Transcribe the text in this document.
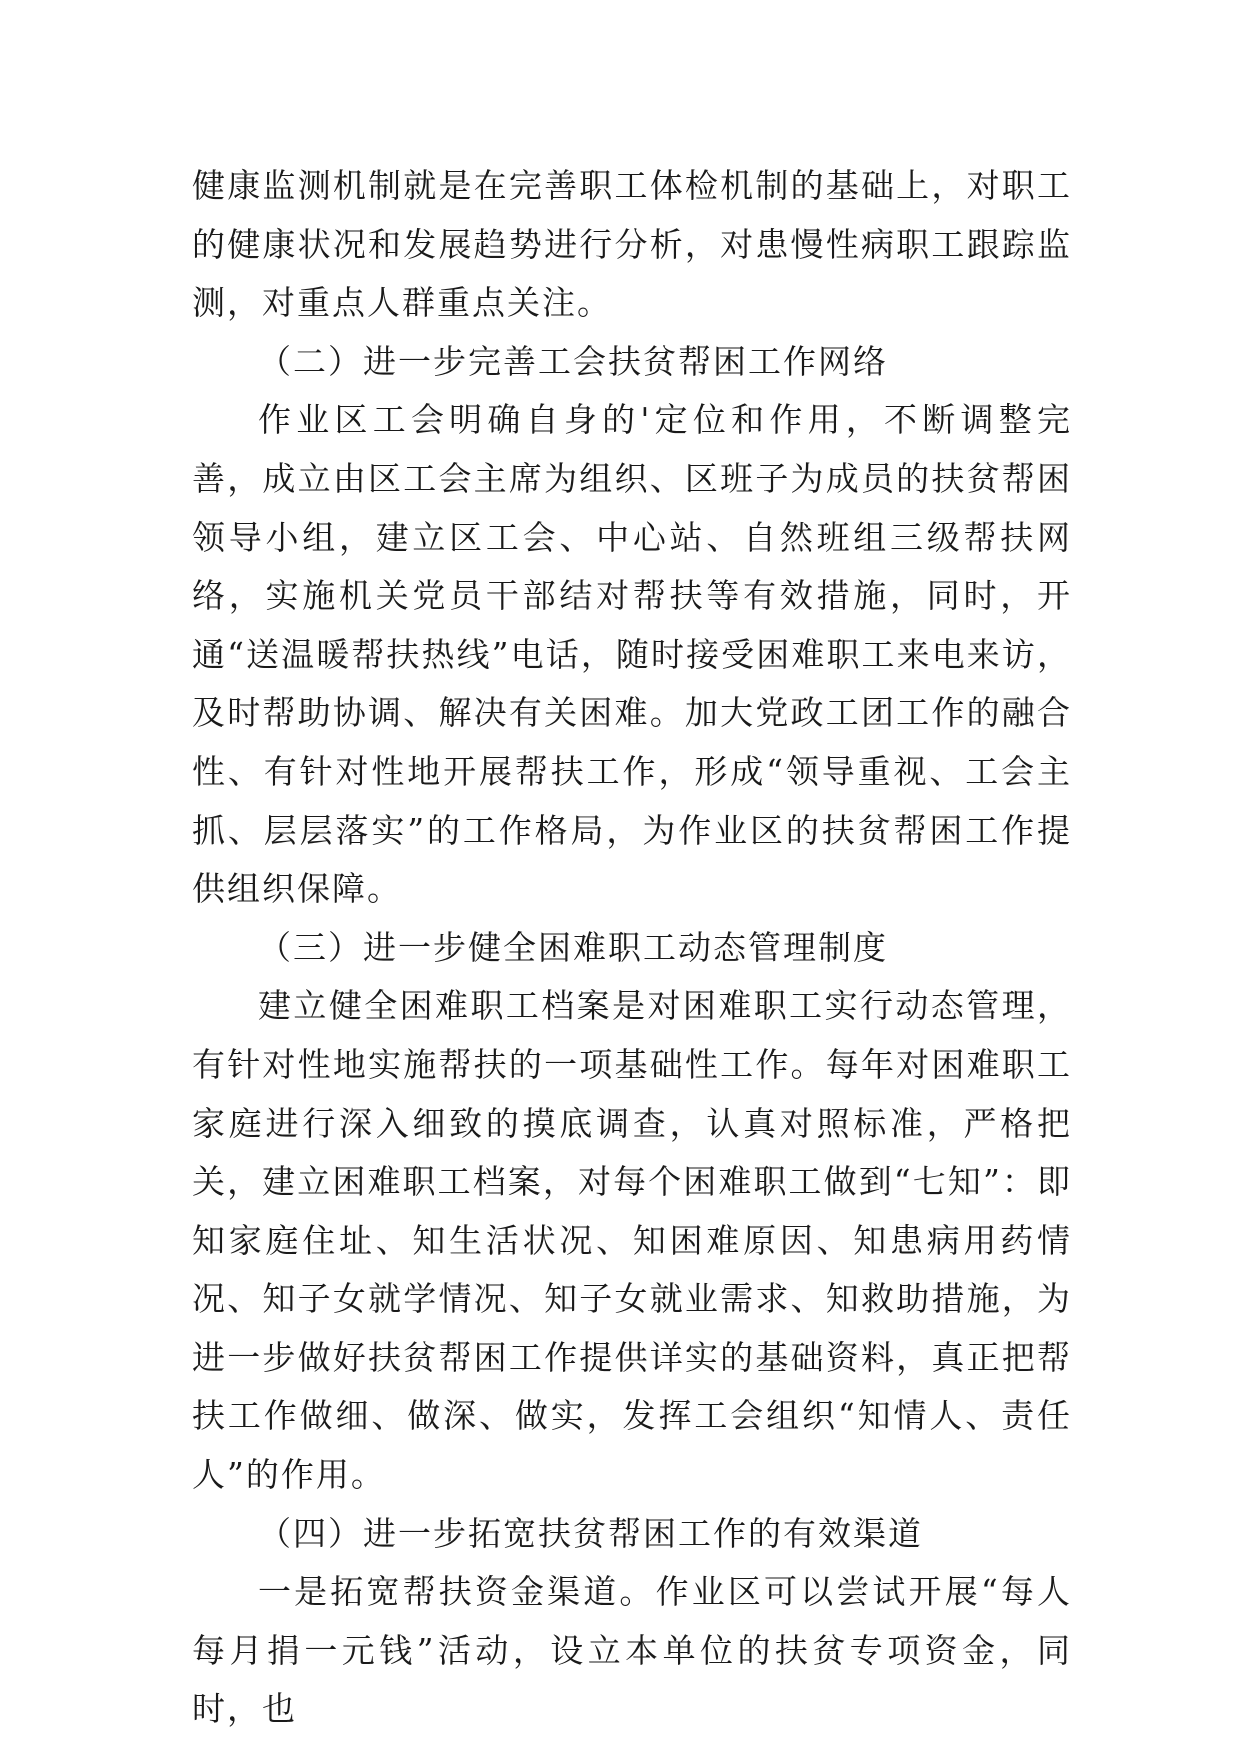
健康监测机制就是在完善职工体检机制的基础上，对职工的健康状况和发展趋势进行分析，对患慢性病职工跟踪监测，对重点人群重点关注。

（二）进一步完善工会扶贫帮困工作网络

作业区工会明确自身的'定位和作用，不断调整完善，成立由区工会主席为组织、区班子为成员的扶贫帮困领导小组，建立区工会、中心站、自然班组三级帮扶网络，实施机关党员干部结对帮扶等有效措施，同时，开通“送温暖帮扶热线”电话，随时接受困难职工来电来访，及时帮助协调、解决有关困难。加大党政工团工作的融合性、有针对性地开展帮扶工作，形成“领导重视、工会主抓、层层落实”的工作格局，为作业区的扶贫帮困工作提供组织保障。

（三）进一步健全困难职工动态管理制度

建立健全困难职工档案是对困难职工实行动态管理，有针对性地实施帮扶的一项基础性工作。每年对困难职工家庭进行深入细致的摸底调查，认真对照标准，严格把关，建立困难职工档案，对每个困难职工做到“七知”：即知家庭住址、知生活状况、知困难原因、知患病用药情况、知子女就学情况、知子女就业需求、知救助措施，为进一步做好扶贫帮困工作提供详实的基础资料，真正把帮扶工作做细、做深、做实，发挥工会组织“知情人、责任人”的作用。

（四）进一步拓宽扶贫帮困工作的有效渠道

一是拓宽帮扶资金渠道。作业区可以尝试开展“每人每月捐一元钱”活动，设立本单位的扶贫专项资金，同时，也
